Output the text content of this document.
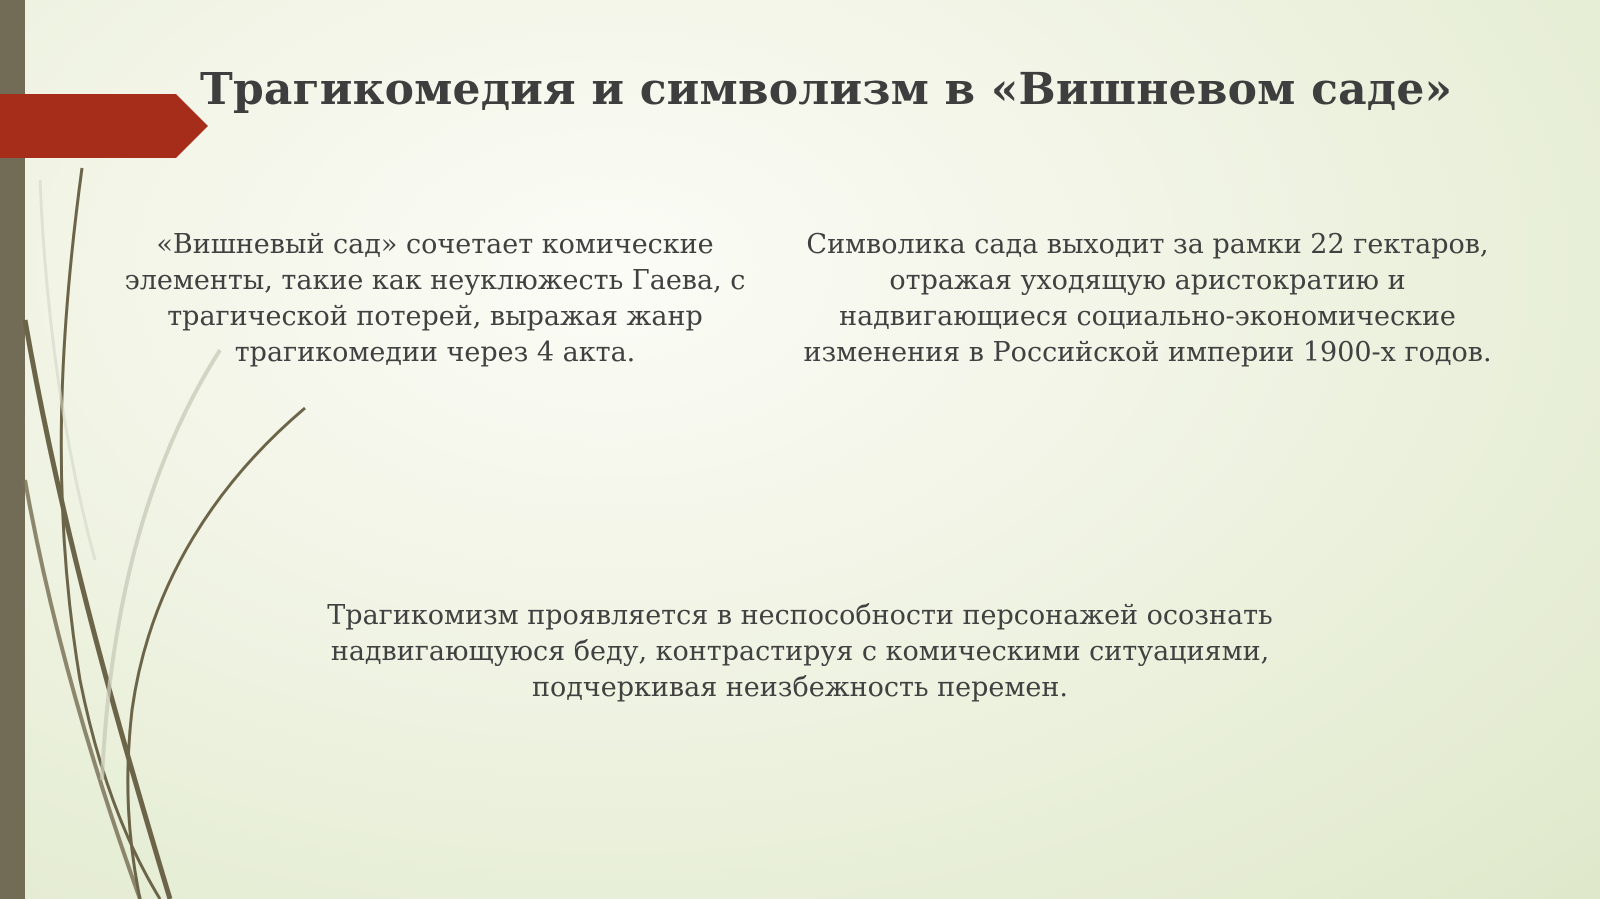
Трагикомедия и символизм в «Вишневом саде»

«Вишневый сад» сочетает комические элементы, такие как неуклюжесть Гаева, с трагической потерей, выражая жанр трагикомедии через 4 акта.

Символика сада выходит за рамки 22 гектаров, отражая уходящую аристократию и надвигающиеся социально-экономические изменения в Российской империи 1900-х годов.

Трагикомизм проявляется в неспособности персонажей осознать надвигающуюся беду, контрастируя с комическими ситуациями, подчеркивая неизбежность перемен.
